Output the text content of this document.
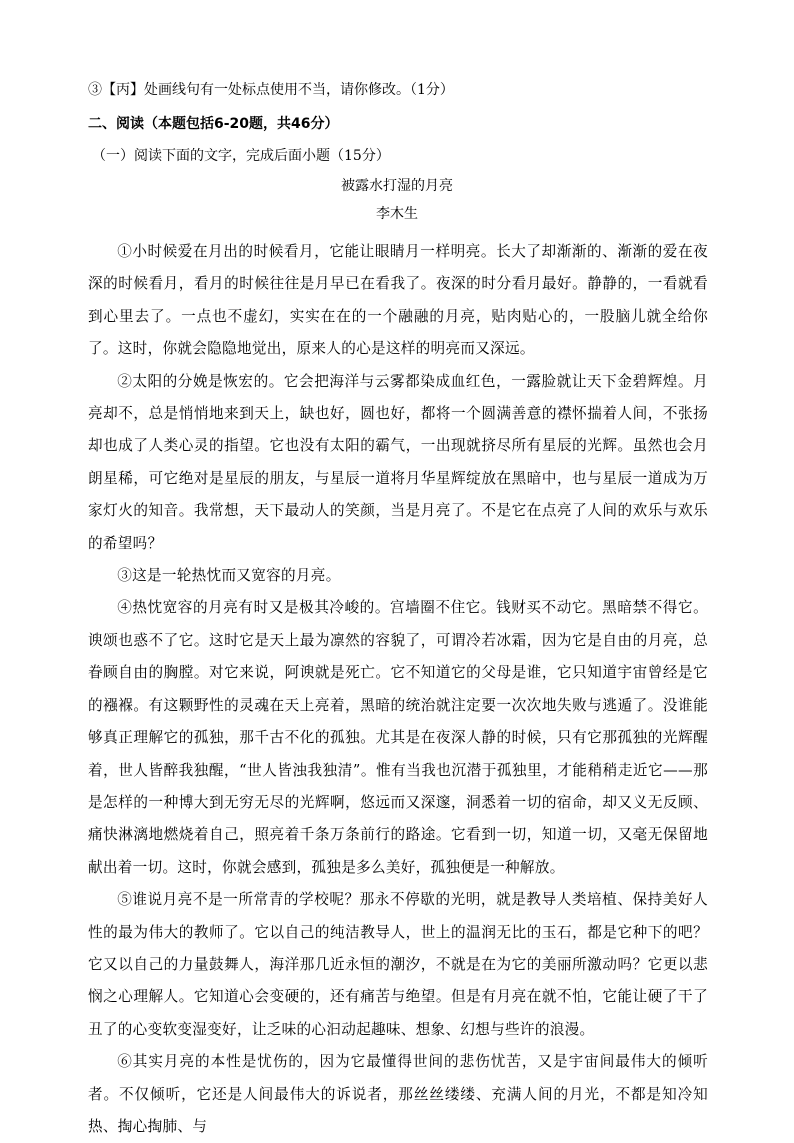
③【丙】处画线句有一处标点使用不当，请你修改。（1分）
二、阅读（本题包括6-20题，共46分）
（一）阅读下面的文字，完成后面小题（15分）
被露水打湿的月亮
李木生

①小时候爱在月出的时候看月，它能让眼睛月一样明亮。长大了却渐渐的、渐渐的爱在夜深的时候看月，看月的时候往往是月早已在看我了。夜深的时分看月最好。静静的，一看就看到心里去了。一点也不虚幻，实实在在的一个融融的月亮，贴肉贴心的，一股脑儿就全给你了。这时，你就会隐隐地觉出，原来人的心是这样的明亮而又深远。

②太阳的分娩是恢宏的。它会把海洋与云雾都染成血红色，一露脸就让天下金碧辉煌。月亮却不，总是悄悄地来到天上，缺也好，圆也好，都将一个圆满善意的襟怀揣着人间，不张扬却也成了人类心灵的指望。它也没有太阳的霸气，一出现就挤尽所有星辰的光辉。虽然也会月朗星稀，可它绝对是星辰的朋友，与星辰一道将月华星辉绽放在黑暗中，也与星辰一道成为万家灯火的知音。我常想，天下最动人的笑颜，当是月亮了。不是它在点亮了人间的欢乐与欢乐的希望吗？

③这是一轮热忱而又宽容的月亮。

④热忱宽容的月亮有时又是极其冷峻的。宫墙圈不住它。钱财买不动它。黑暗禁不得它。谀颂也惑不了它。这时它是天上最为凛然的容貌了，可谓冷若冰霜，因为它是自由的月亮，总眷顾自由的胸膛。对它来说，阿谀就是死亡。它不知道它的父母是谁，它只知道宇宙曾经是它的襁褓。有这颗野性的灵魂在天上亮着，黑暗的统治就注定要一次次地失败与逃遁了。没谁能够真正理解它的孤独，那千古不化的孤独。尤其是在夜深人静的时候，只有它那孤独的光辉醒着，世人皆醉我独醒，“世人皆浊我独清”。惟有当我也沉潜于孤独里，才能稍稍走近它——那是怎样的一种博大到无穷无尽的光辉啊，悠远而又深邃，洞悉着一切的宿命，却又义无反顾、痛快淋漓地燃烧着自己，照亮着千条万条前行的路途。它看到一切，知道一切，又毫无保留地献出着一切。这时，你就会感到，孤独是多么美好，孤独便是一种解放。

⑤谁说月亮不是一所常青的学校呢？那永不停歇的光明，就是教导人类培植、保持美好人性的最为伟大的教师了。它以自己的纯洁教导人，世上的温润无比的玉石，都是它种下的吧？它又以自己的力量鼓舞人，海洋那几近永恒的潮汐，不就是在为它的美丽所激动吗？它更以悲悯之心理解人。它知道心会变硬的，还有痛苦与绝望。但是有月亮在就不怕，它能让硬了干了丑了的心变软变湿变好，让乏味的心汩动起趣味、想象、幻想与些许的浪漫。

⑥其实月亮的本性是忧伤的，因为它最懂得世间的悲伤忧苦，又是宇宙间最伟大的倾听者。不仅倾听，它还是人间最伟大的诉说者，那丝丝缕缕、充满人间的月光，不都是知冷知热、掏心掏肺、与
